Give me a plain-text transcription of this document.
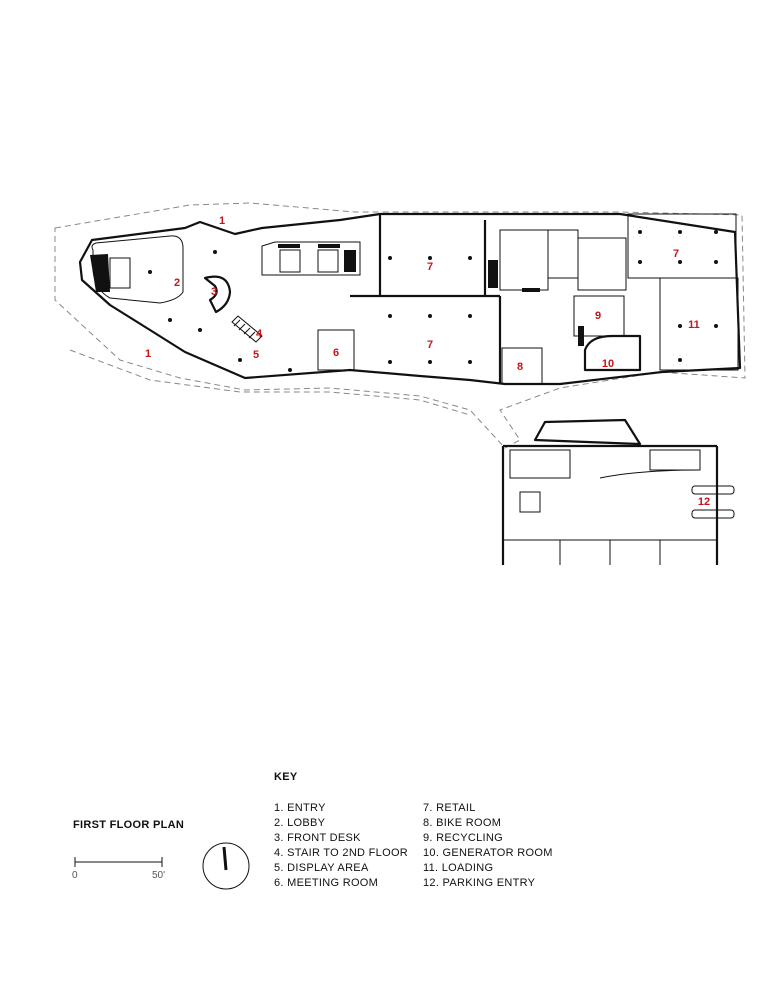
1
1
2
3
4
5	6
7
7
7
8
9
10
11
12
FIRST FLOOR PLAN
0	50'
KEY
1. ENTRY
2. LOBBY
3. FRONT DESK
4. STAIR TO 2ND FLOOR
5. DISPLAY AREA
6. MEETING ROOM
7. RETAIL
8. BIKE ROOM
9. RECYCLING
10. GENERATOR ROOM
11. LOADING
12. PARKING ENTRY
